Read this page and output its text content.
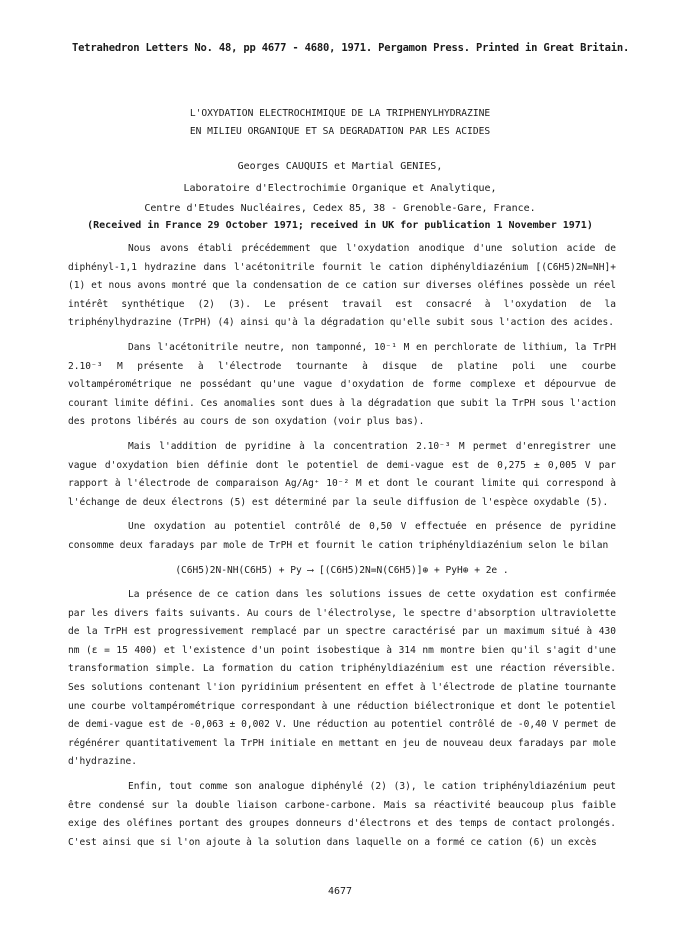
Tetrahedron Letters No. 48, pp 4677 - 4680, 1971. Pergamon Press. Printed in Great Britain.
L'OXYDATION ELECTROCHIMIQUE DE LA TRIPHENYLHYDRAZINE
EN MILIEU ORGANIQUE ET SA DEGRADATION PAR LES ACIDES
Georges CAUQUIS et Martial GENIES,
Laboratoire d'Electrochimie Organique et Analytique,
Centre d'Etudes Nucléaires, Cedex 85, 38 - Grenoble-Gare, France.
(Received in France 29 October 1971; received in UK for publication 1 November 1971)

Nous avons établi précédemment que l'oxydation anodique d'une solution acide de diphényl-1,1 hydrazine dans l'acétonitrile fournit le cation diphényldiazénium [(C6H5)2N=NH]+ (1) et nous avons montré que la condensation de ce cation sur diverses oléfines possède un réel intérêt synthétique (2) (3). Le présent travail est consacré à l'oxydation de la triphénylhydrazine (TrPH) (4) ainsi qu'à la dégradation qu'elle subit sous l'action des acides.

Dans l'acétonitrile neutre, non tamponné, 10⁻¹ M en perchlorate de lithium, la TrPH 2.10⁻³ M présente à l'électrode tournante à disque de platine poli une courbe voltampérométrique ne possédant qu'une vague d'oxydation de forme complexe et dépourvue de courant limite défini. Ces anomalies sont dues à la dégradation que subit la TrPH sous l'action des protons libérés au cours de son oxydation (voir plus bas).

Mais l'addition de pyridine à la concentration 2.10⁻³ M permet d'enregistrer une vague d'oxydation bien définie dont le potentiel de demi-vague est de 0,275 ± 0,005 V par rapport à l'électrode de comparaison Ag/Ag⁺ 10⁻² M et dont le courant limite qui correspond à l'échange de deux électrons (5) est déterminé par la seule diffusion de l'espèce oxydable (5).

Une oxydation au potentiel contrôlé de 0,50 V effectuée en présence de pyridine consomme deux faradays par mole de TrPH et fournit le cation triphényldiazénium selon le bilan

(C6H5)2N-NH(C6H5) + Py ⟶ [(C6H5)2N=N(C6H5)]⊕ + PyH⊕ + 2e .

La présence de ce cation dans les solutions issues de cette oxydation est confirmée par les divers faits suivants. Au cours de l'électrolyse, le spectre d'absorption ultraviolette de la TrPH est progressivement remplacé par un spectre caractérisé par un maximum situé à 430 nm (ε = 15 400) et l'existence d'un point isobestique à 314 nm montre bien qu'il s'agit d'une transformation simple. La formation du cation triphényldiazénium est une réaction réversible. Ses solutions contenant l'ion pyridinium présentent en effet à l'électrode de platine tournante une courbe voltampérométrique correspondant à une réduction biélectronique et dont le potentiel de demi-vague est de -0,063 ± 0,002 V. Une réduction au potentiel contrôlé de -0,40 V permet de régénérer quantitativement la TrPH initiale en mettant en jeu de nouveau deux faradays par mole d'hydrazine.

Enfin, tout comme son analogue diphénylé (2) (3), le cation triphényldiazénium peut être condensé sur la double liaison carbone-carbone. Mais sa réactivité beaucoup plus faible exige des oléfines portant des groupes donneurs d'électrons et des temps de contact prolongés. C'est ainsi que si l'on ajoute à la solution dans laquelle on a formé ce cation (6) un excès

4677
